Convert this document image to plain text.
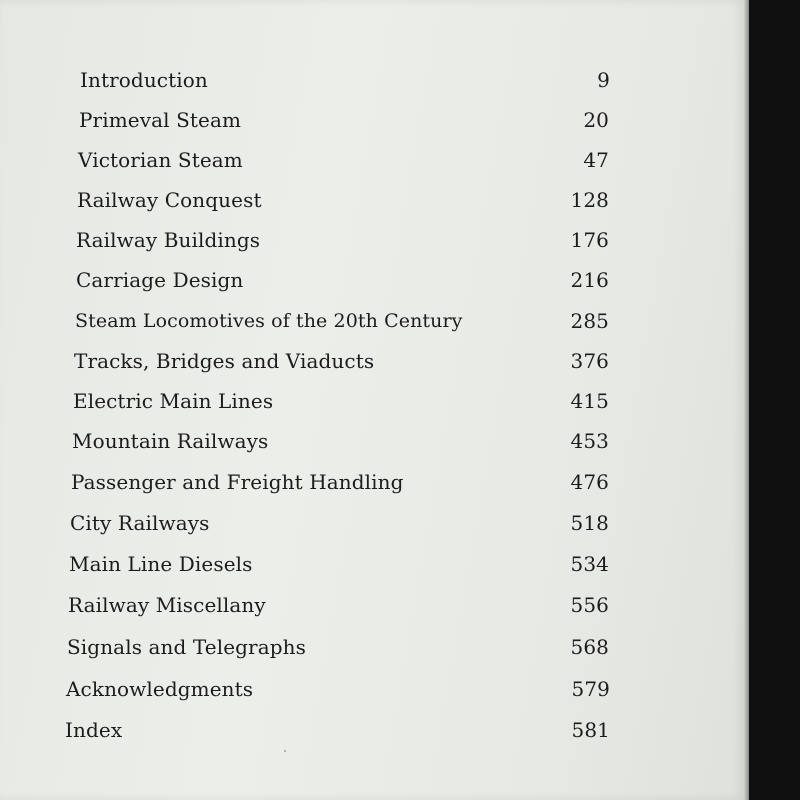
Introduction	9
Primeval Steam	20
Victorian Steam	47
Railway Conquest	128
Railway Buildings	176
Carriage Design	216
Steam Locomotives of the 20th Century	285
Tracks, Bridges and Viaducts	376
Electric Main Lines	415
Mountain Railways	453
Passenger and Freight Handling	476
City Railways	518
Main Line Diesels	534
Railway Miscellany	556
Signals and Telegraphs	568
Acknowledgments	579
Index	581
